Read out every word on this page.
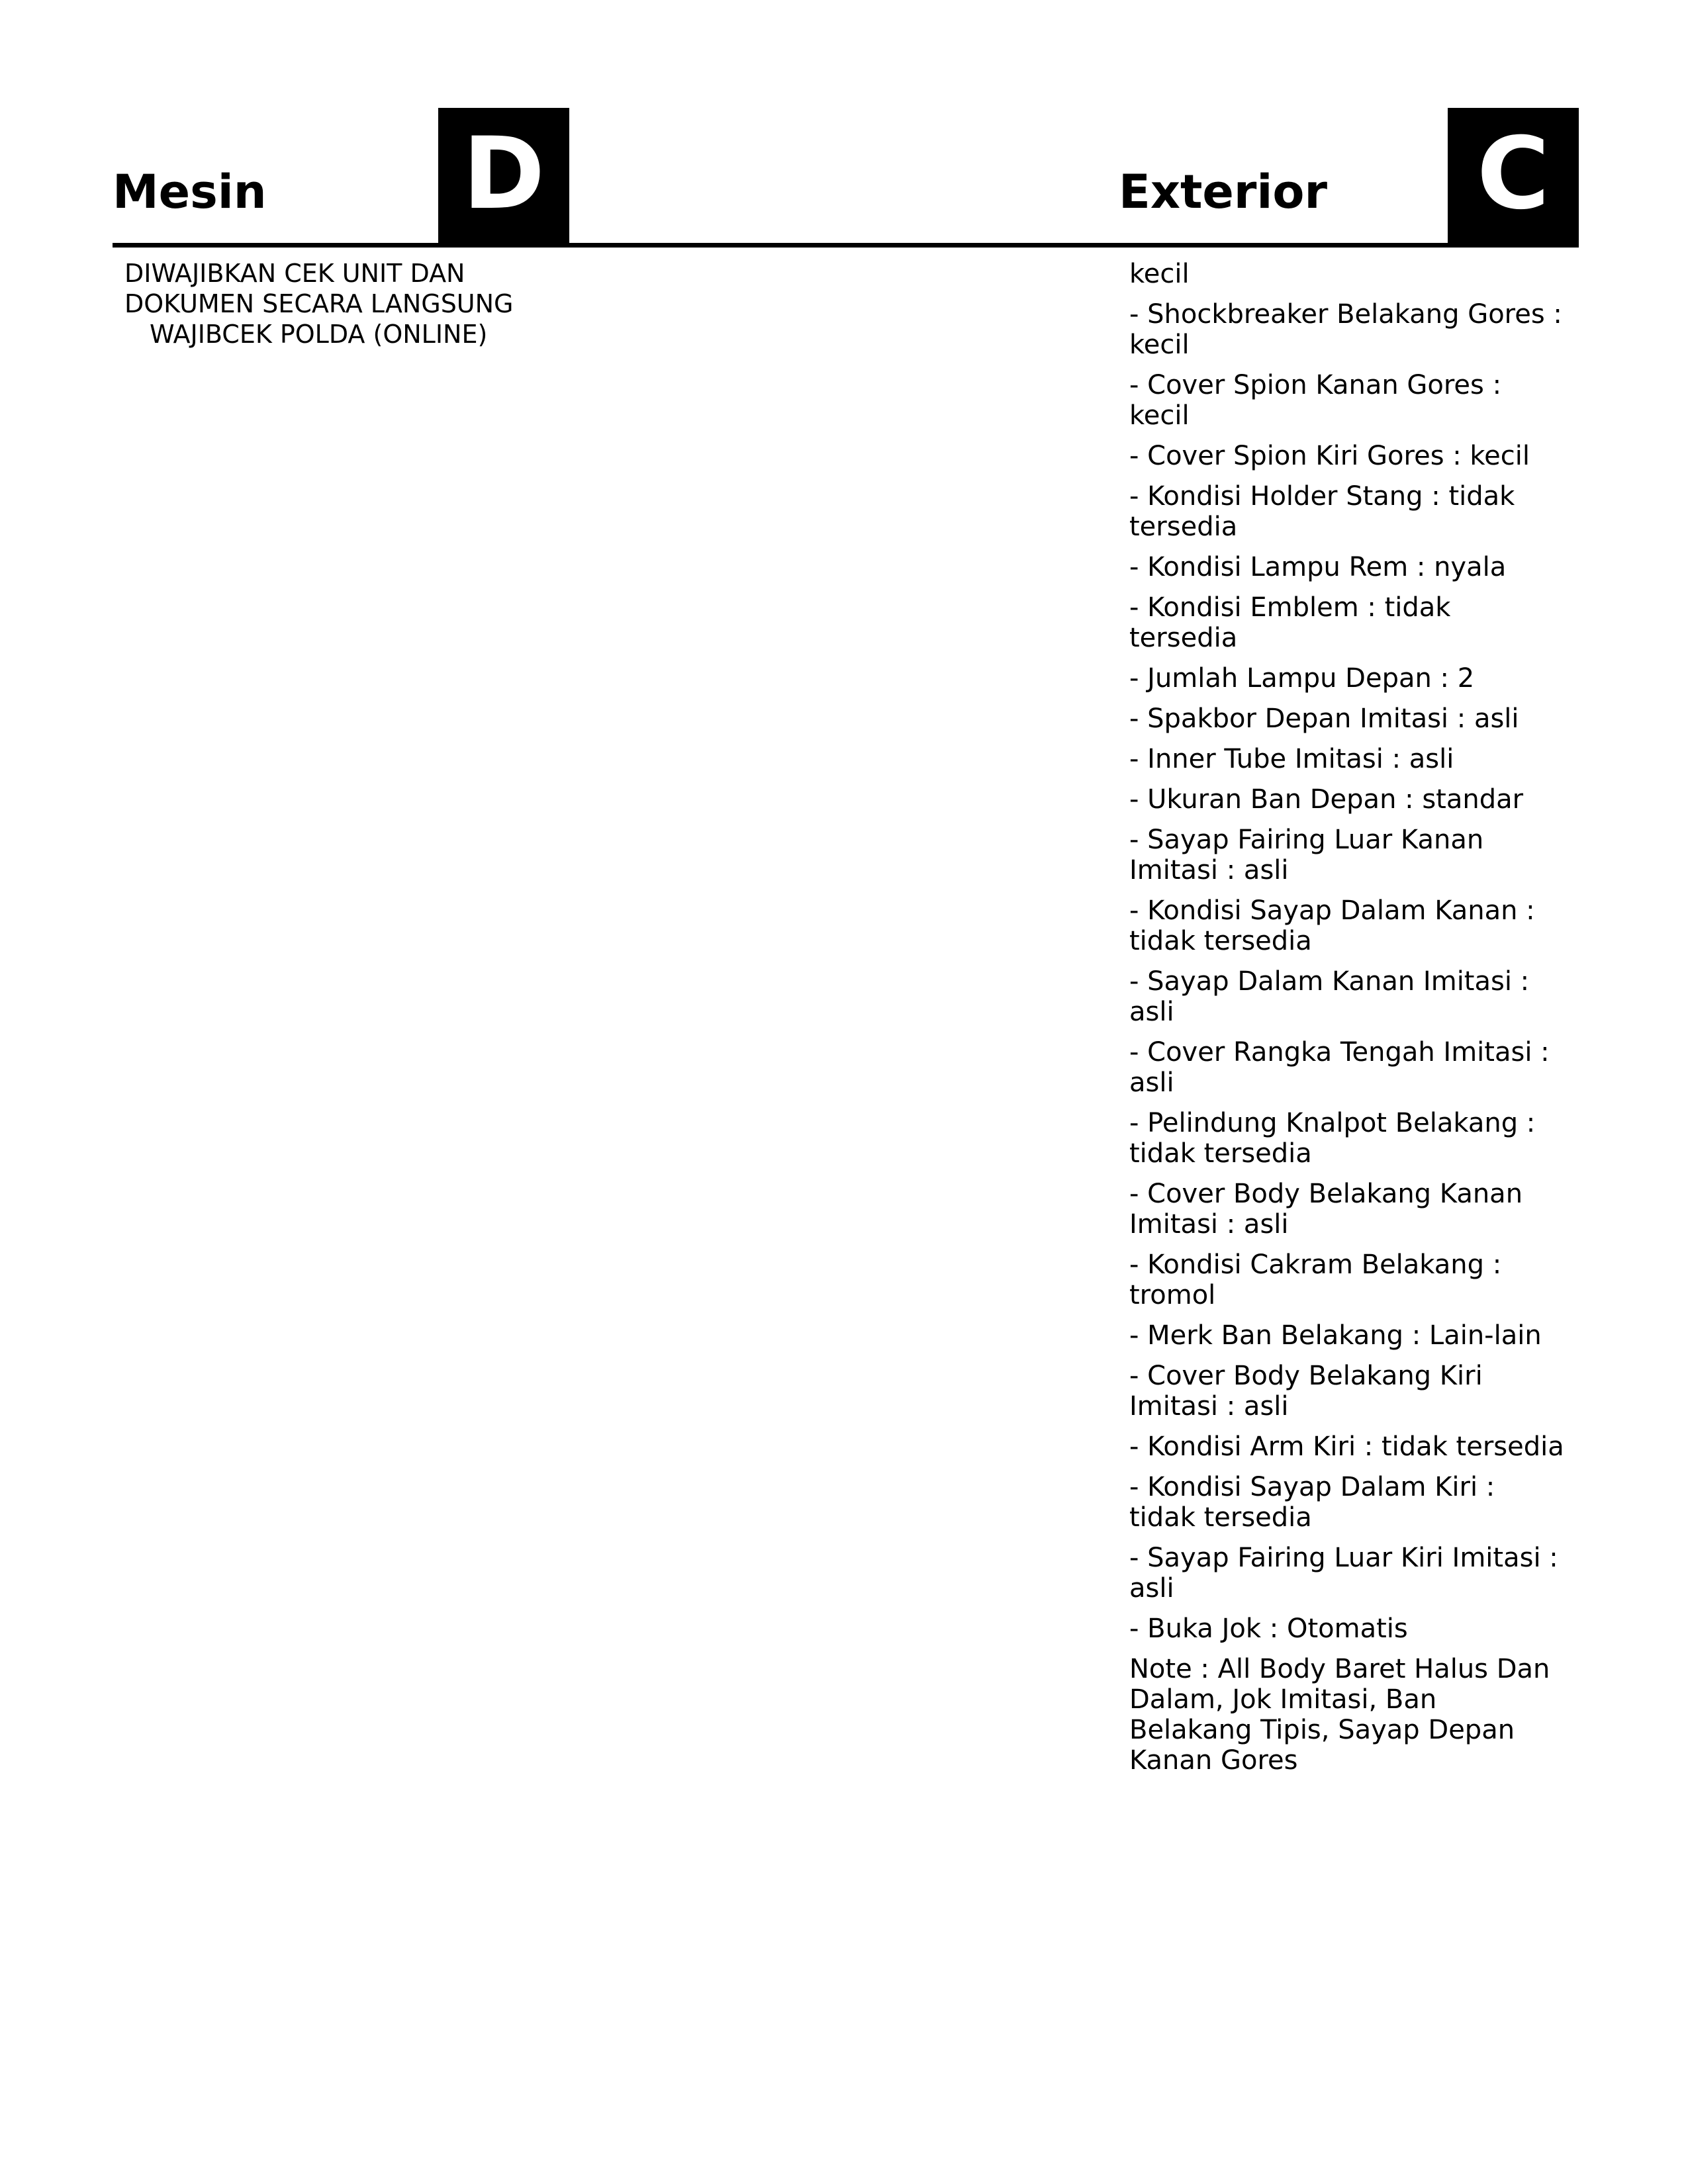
Mesin D	Exterior C
DIWAJIBKAN CEK UNIT DAN
DOKUMEN SECARA LANGSUNG
WAJIBCEK POLDA (ONLINE)
kecil
- Shockbreaker Belakang Gores : kecil
- Cover Spion Kanan Gores : kecil
- Cover Spion Kiri Gores : kecil
- Kondisi Holder Stang : tidak tersedia
- Kondisi Lampu Rem : nyala
- Kondisi Emblem : tidak tersedia
- Jumlah Lampu Depan : 2
- Spakbor Depan Imitasi : asli
- Inner Tube Imitasi : asli
- Ukuran Ban Depan : standar
- Sayap Fairing Luar Kanan Imitasi : asli
- Kondisi Sayap Dalam Kanan : tidak tersedia
- Sayap Dalam Kanan Imitasi : asli
- Cover Rangka Tengah Imitasi : asli
- Pelindung Knalpot Belakang : tidak tersedia
- Cover Body Belakang Kanan Imitasi : asli
- Kondisi Cakram Belakang : tromol
- Merk Ban Belakang : Lain-lain
- Cover Body Belakang Kiri Imitasi : asli
- Kondisi Arm Kiri : tidak tersedia
- Kondisi Sayap Dalam Kiri : tidak tersedia
- Sayap Fairing Luar Kiri Imitasi : asli
- Buka Jok : Otomatis
Note : All Body Baret Halus Dan Dalam, Jok Imitasi, Ban Belakang Tipis, Sayap Depan Kanan Gores
